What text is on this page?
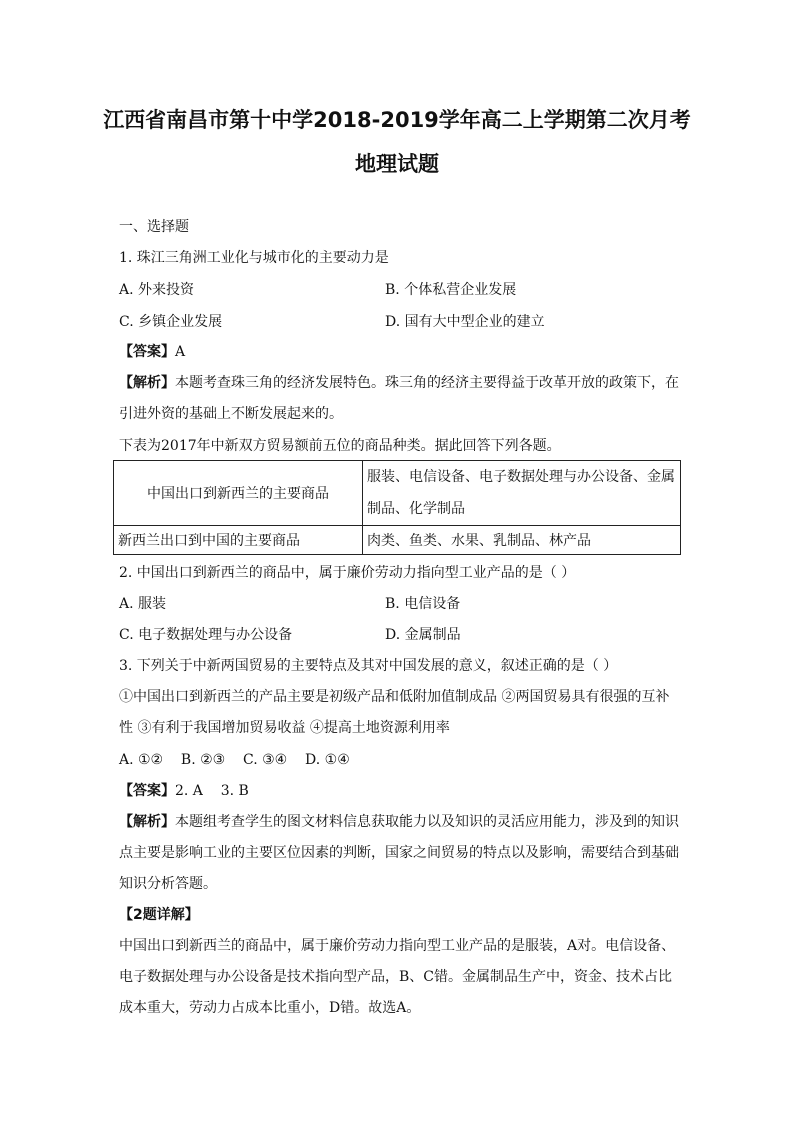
江西省南昌市第十中学2018-2019学年高二上学期第二次月考
地理试题
一、选择题
1. 珠江三角洲工业化与城市化的主要动力是
A. 外来投资	B. 个体私营企业发展
C. 乡镇企业发展	D. 国有大中型企业的建立
【答案】A
【解析】本题考查珠三角的经济发展特色。珠三角的经济主要得益于改革开放的政策下，在
引进外资的基础上不断发展起来的。
下表为2017年中新双方贸易额前五位的商品种类。据此回答下列各题。
中国出口到新西兰的主要商品	服装、电信设备、电子数据处理与办公设备、金属
制品、化学制品

新西兰出口到中国的主要商品	肉类、鱼类、水果、乳制品、林产品
2. 中国出口到新西兰的商品中，属于廉价劳动力指向型工业产品的是（ ）
A. 服装	B. 电信设备
C. 电子数据处理与办公设备	D. 金属制品
3. 下列关于中新两国贸易的主要特点及其对中国发展的意义，叙述正确的是（ ）
①中国出口到新西兰的产品主要是初级产品和低附加值制成品 ②两国贸易具有很强的互补
性 ③有利于我国增加贸易收益 ④提高土地资源利用率
A. ①②    B. ②③    C. ③④    D. ①④
【答案】2. A    3. B
【解析】本题组考查学生的图文材料信息获取能力以及知识的灵活应用能力，涉及到的知识
点主要是影响工业的主要区位因素的判断，国家之间贸易的特点以及影响，需要结合到基础
知识分析答题。
【2题详解】
中国出口到新西兰的商品中，属于廉价劳动力指向型工业产品的是服装，A对。电信设备、
电子数据处理与办公设备是技术指向型产品，B、C错。金属制品生产中，资金、技术占比
成本重大，劳动力占成本比重小，D错。故选A。
